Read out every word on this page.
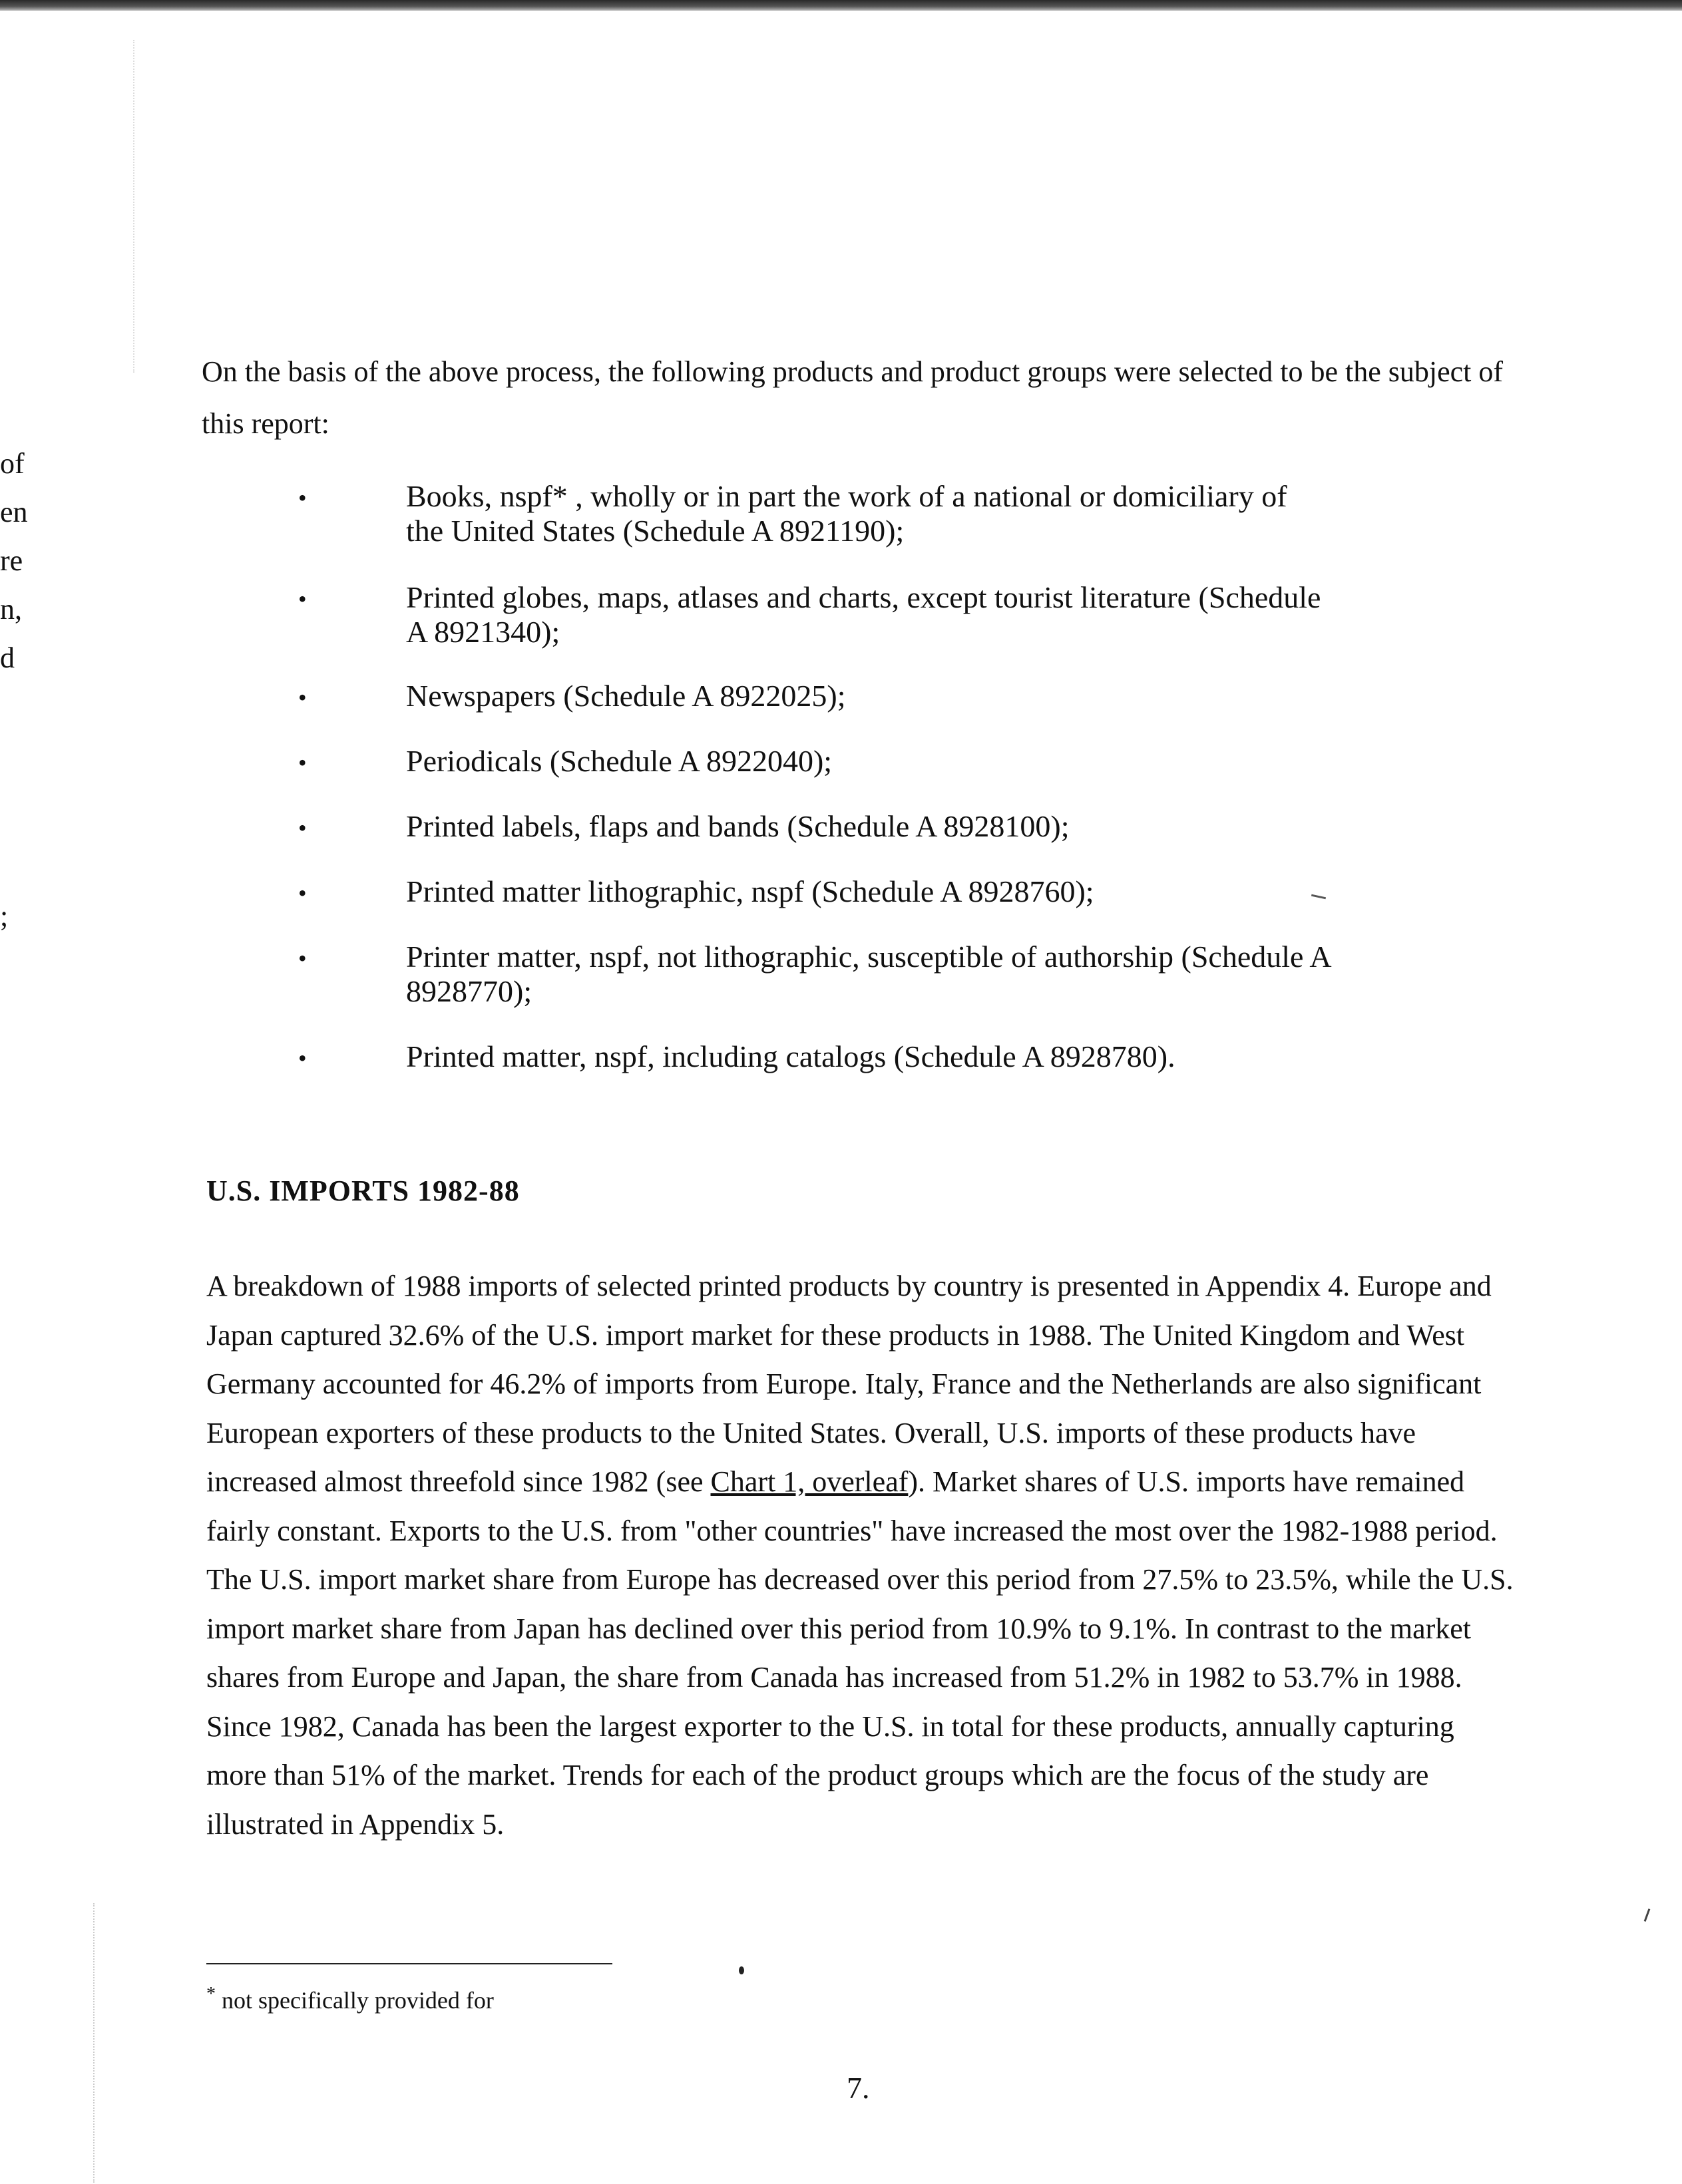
of
en
re
n,
d
;

On the basis of the above process, the following products and product groups were selected to be the subject of this report:

• Books, nspf* , wholly or in part the work of a national or domiciliary of the United States (Schedule A 8921190);
• Printed globes, maps, atlases and charts, except tourist literature (Schedule A 8921340);
• Newspapers (Schedule A 8922025);
• Periodicals (Schedule A 8922040);
• Printed labels, flaps and bands (Schedule A 8928100);
• Printed matter lithographic, nspf (Schedule A 8928760);
• Printer matter, nspf, not lithographic, susceptible of authorship (Schedule A 8928770);
• Printed matter, nspf, including catalogs (Schedule A 8928780).
U.S. IMPORTS 1982-88

A breakdown of 1988 imports of selected printed products by country is presented in Appendix 4. Europe and Japan captured 32.6% of the U.S. import market for these products in 1988. The United Kingdom and West Germany accounted for 46.2% of imports from Europe. Italy, France and the Netherlands are also significant European exporters of these products to the United States. Overall, U.S. imports of these products have increased almost threefold since 1982 (see Chart 1, overleaf). Market shares of U.S. imports have remained fairly constant. Exports to the U.S. from "other countries" have increased the most over the 1982-1988 period. The U.S. import market share from Europe has decreased over this period from 27.5% to 23.5%, while the U.S. import market share from Japan has declined over this period from 10.9% to 9.1%. In contrast to the market shares from Europe and Japan, the share from Canada has increased from 51.2% in 1982 to 53.7% in 1988. Since 1982, Canada has been the largest exporter to the U.S. in total for these products, annually capturing more than 51% of the market. Trends for each of the product groups which are the focus of the study are illustrated in Appendix 5.

* not specifically provided for

7.
